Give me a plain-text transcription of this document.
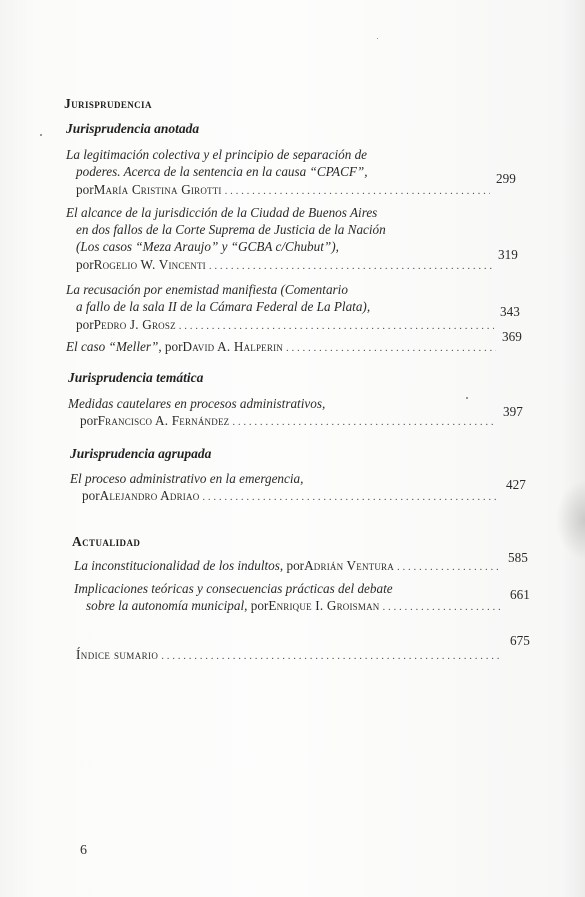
Jurisprudencia
Jurisprudencia anotada
La legitimación colectiva y el principio de separación de
poderes. Acerca de la sentencia en la causa “CPACF”,
por María Cristina Girotti
. . .
299
El alcance de la jurisdicción de la Ciudad de Buenos Aires
en dos fallos de la Corte Suprema de Justicia de la Nación
(Los casos “Meza Araujo” y “GCBA c/Chubut”),
por Rogelio W. Vincenti
. . .
319
La recusación por enemistad manifiesta (Comentario
a fallo de la sala II de la Cámara Federal de La Plata),
por Pedro J. Grosz
. . .
343
El caso “Meller” , por David A. Halperin
. . .
369
Jurisprudencia temática
Medidas cautelares en procesos administrativos,
por Francisco A. Fernández
. . .
397
Jurisprudencia agrupada
El proceso administrativo en la emergencia,
por Alejandro Adriao
. . .
427
Actualidad
La inconstitucionalidad de los indultos , por Adrián Ventura
. . .
585
Implicaciones teóricas y consecuencias prácticas del debate
sobre la autonomía municipal , por Enrique I. Groisman
. . .
661
Índice sumario
. . .
675
6
